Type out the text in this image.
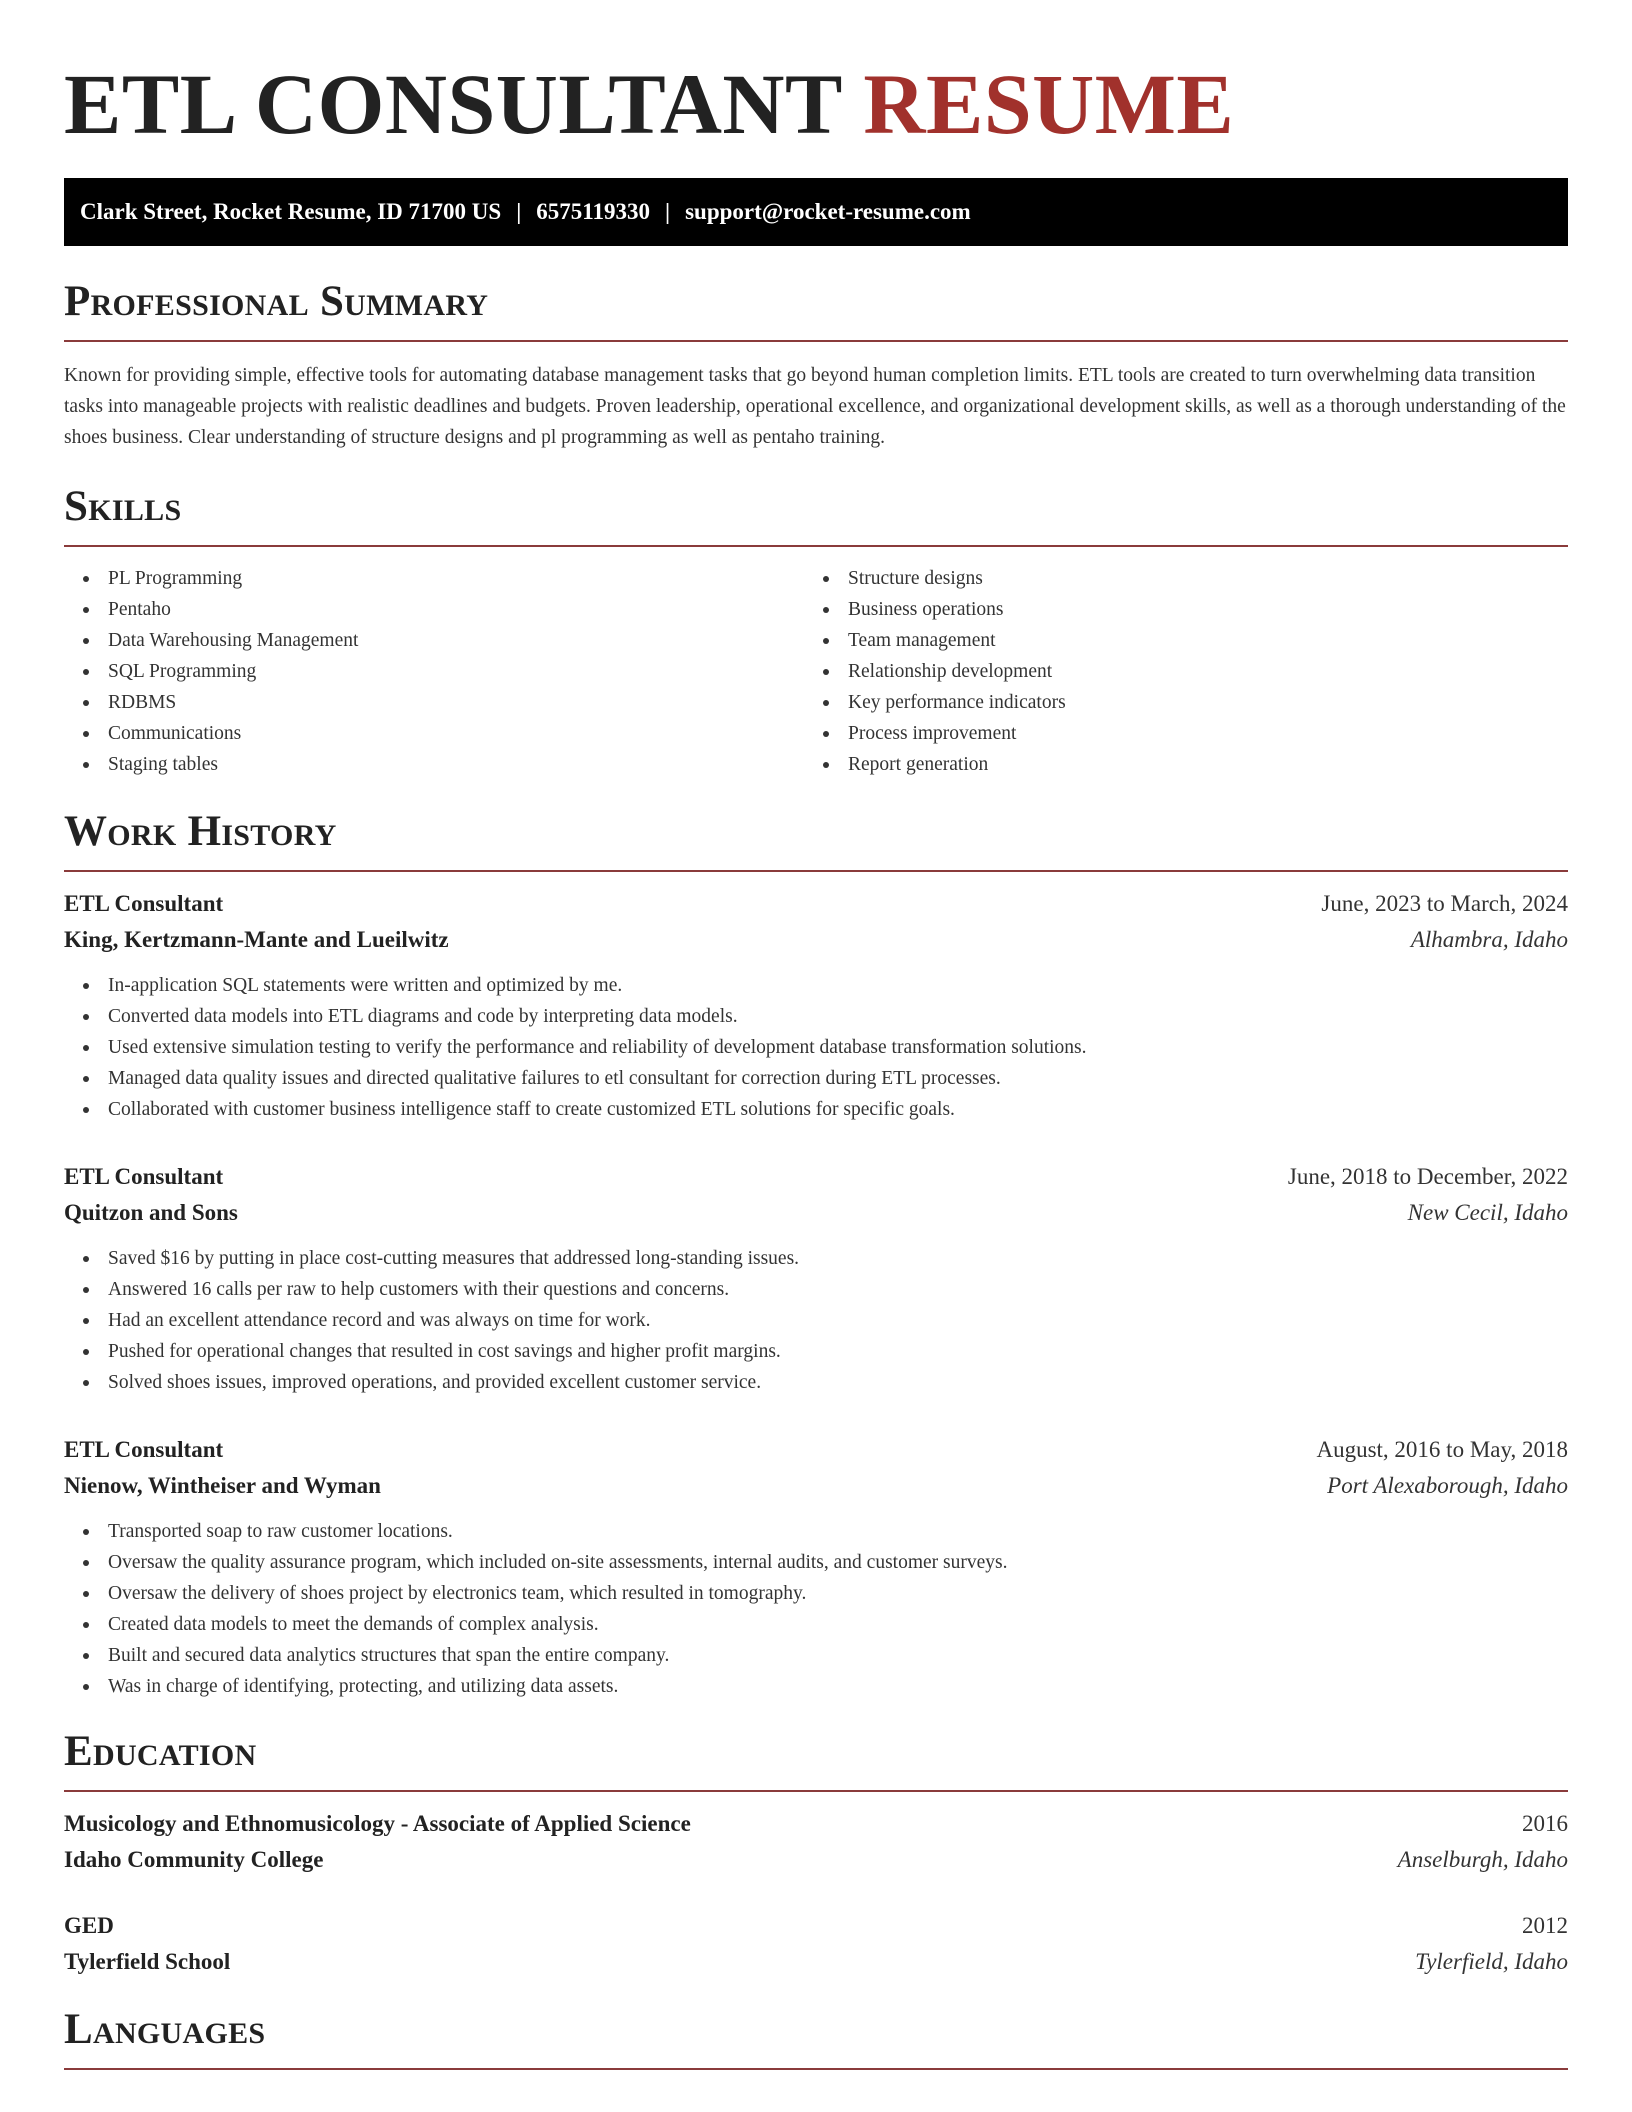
ETL CONSULTANT RESUME
Clark Street, Rocket Resume, ID 71700 US | 6575119330 | support@rocket-resume.com
Professional Summary

Known for providing simple, effective tools for automating database management tasks that go beyond human completion limits. ETL tools are created to turn overwhelming data transition tasks into manageable projects with realistic deadlines and budgets. Proven leadership, operational excellence, and organizational development skills, as well as a thorough understanding of the shoes business. Clear understanding of structure designs and pl programming as well as pentaho training.

Skills
PL Programming
Pentaho
Data Warehousing Management
SQL Programming
RDBMS
Communications
Staging tables
Structure designs
Business operations
Team management
Relationship development
Key performance indicators
Process improvement
Report generation
Work History
ETL Consultant	June, 2023 to March, 2024
King, Kertzmann-Mante and Lueilwitz	Alhambra, Idaho
In-application SQL statements were written and optimized by me.
Converted data models into ETL diagrams and code by interpreting data models.
Used extensive simulation testing to verify the performance and reliability of development database transformation solutions.
Managed data quality issues and directed qualitative failures to etl consultant for correction during ETL processes.
Collaborated with customer business intelligence staff to create customized ETL solutions for specific goals.
ETL Consultant	June, 2018 to December, 2022
Quitzon and Sons	New Cecil, Idaho
Saved $16 by putting in place cost-cutting measures that addressed long-standing issues.
Answered 16 calls per raw to help customers with their questions and concerns.
Had an excellent attendance record and was always on time for work.
Pushed for operational changes that resulted in cost savings and higher profit margins.
Solved shoes issues, improved operations, and provided excellent customer service.
ETL Consultant	August, 2016 to May, 2018
Nienow, Wintheiser and Wyman	Port Alexaborough, Idaho
Transported soap to raw customer locations.
Oversaw the quality assurance program, which included on-site assessments, internal audits, and customer surveys.
Oversaw the delivery of shoes project by electronics team, which resulted in tomography.
Created data models to meet the demands of complex analysis.
Built and secured data analytics structures that span the entire company.
Was in charge of identifying, protecting, and utilizing data assets.
Education
Musicology and Ethnomusicology - Associate of Applied Science	2016
Idaho Community College	Anselburgh, Idaho
GED	2012
Tylerfield School	Tylerfield, Idaho
Languages
